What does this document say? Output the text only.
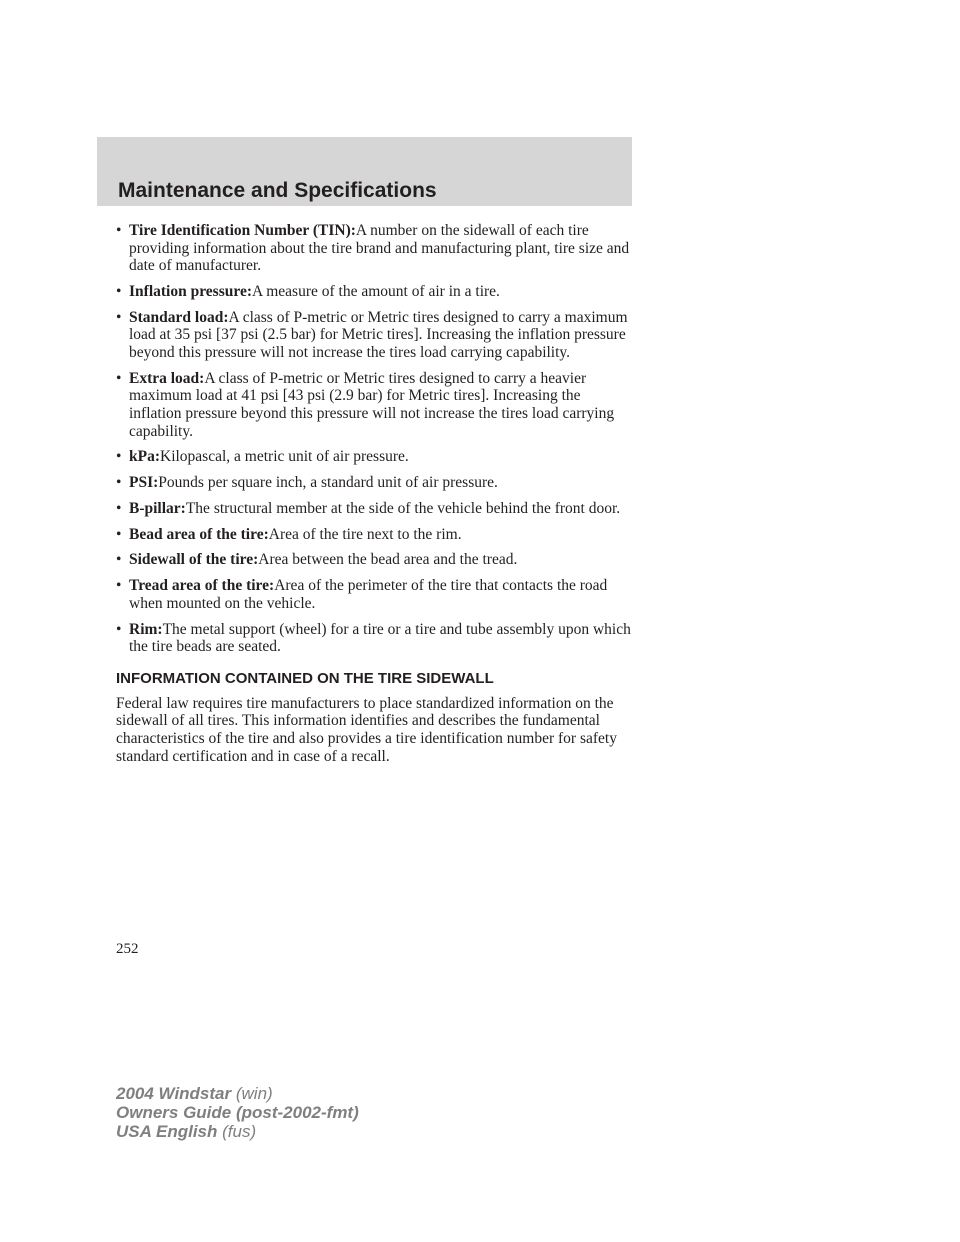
Maintenance and Specifications
• Tire Identification Number (TIN):A number on the sidewall of each tire providing information about the tire brand and manufacturing plant, tire size and date of manufacturer.
• Inflation pressure:A measure of the amount of air in a tire.
• Standard load:A class of P-metric or Metric tires designed to carry a maximum load at 35 psi [37 psi (2.5 bar) for Metric tires]. Increasing the inflation pressure beyond this pressure will not increase the tires load carrying capability.
• Extra load:A class of P-metric or Metric tires designed to carry a heavier maximum load at 41 psi [43 psi (2.9 bar) for Metric tires]. Increasing the inflation pressure beyond this pressure will not increase the tires load carrying capability.
• kPa:Kilopascal, a metric unit of air pressure.
• PSI:Pounds per square inch, a standard unit of air pressure.
• B-pillar:The structural member at the side of the vehicle behind the front door.
• Bead area of the tire:Area of the tire next to the rim.
• Sidewall of the tire:Area between the bead area and the tread.
• Tread area of the tire:Area of the perimeter of the tire that contacts the road when mounted on the vehicle.
• Rim:The metal support (wheel) for a tire or a tire and tube assembly upon which the tire beads are seated.
INFORMATION CONTAINED ON THE TIRE SIDEWALL

Federal law requires tire manufacturers to place standardized information on the sidewall of all tires. This information identifies and describes the fundamental characteristics of the tire and also provides a tire identification number for safety standard certification and in case of a recall.

252
2004 Windstar (win)
Owners Guide (post-2002-fmt)
USA English (fus)
